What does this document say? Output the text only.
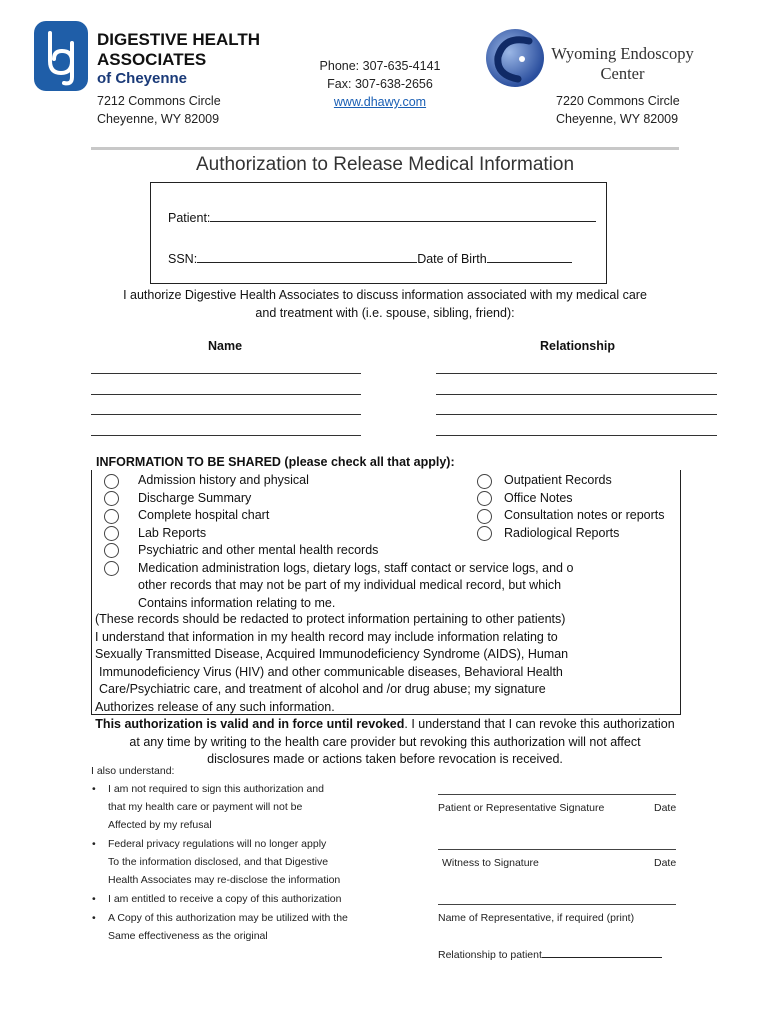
DIGESTIVE HEALTH
ASSOCIATES
of Cheyenne
7212 Commons Circle
Cheyenne, WY 82009
Phone: 307-635-4141
Fax: 307-638-2656
www.dhawy.com
Wyoming Endoscopy
Center
7220 Commons Circle
Cheyenne, WY 82009
Authorization to Release Medical Information
Patient:
SSN:	Date of Birth
I authorize Digestive Health Associates to discuss information associated with my medical care
and treatment with (i.e. spouse, sibling, friend):
Name	Relationship
INFORMATION TO BE SHARED (please check all that apply):
Admission history and physical
Discharge Summary
Complete hospital chart
Lab Reports
Psychiatric and other mental health records
Medication administration logs, dietary logs, staff contact or service logs, and o
other records that may not be part of my individual medical record, but which
Contains information relating to me.
Outpatient Records
Office Notes
Consultation notes or reports
Radiological Reports
(These records should be redacted to protect information pertaining to other patients)
I understand that information in my health record may include information relating to
Sexually Transmitted Disease, Acquired Immunodeficiency Syndrome (AIDS), Human
Immunodeficiency Virus (HIV) and other communicable diseases, Behavioral Health
Care/Psychiatric care, and treatment of alcohol and /or drug abuse; my signature
Authorizes release of any such information.
This authorization is valid and in force until revoked. I understand that I can revoke this authorization
at any time by writing to the health care provider but revoking this authorization will not affect
disclosures made or actions taken before revocation is received.
I also understand:
• I am not required to sign this authorization and
that my health care or payment will not be
Affected by my refusal
• Federal privacy regulations will no longer apply
To the information disclosed, and that Digestive
Health Associates may re-disclose the information
• I am entitled to receive a copy of this authorization
• A Copy of this authorization may be utilized with the
Same effectiveness as the original
Patient or Representative Signature	Date
Witness to Signature	Date
Name of Representative, if required (print)
Relationship to patient
